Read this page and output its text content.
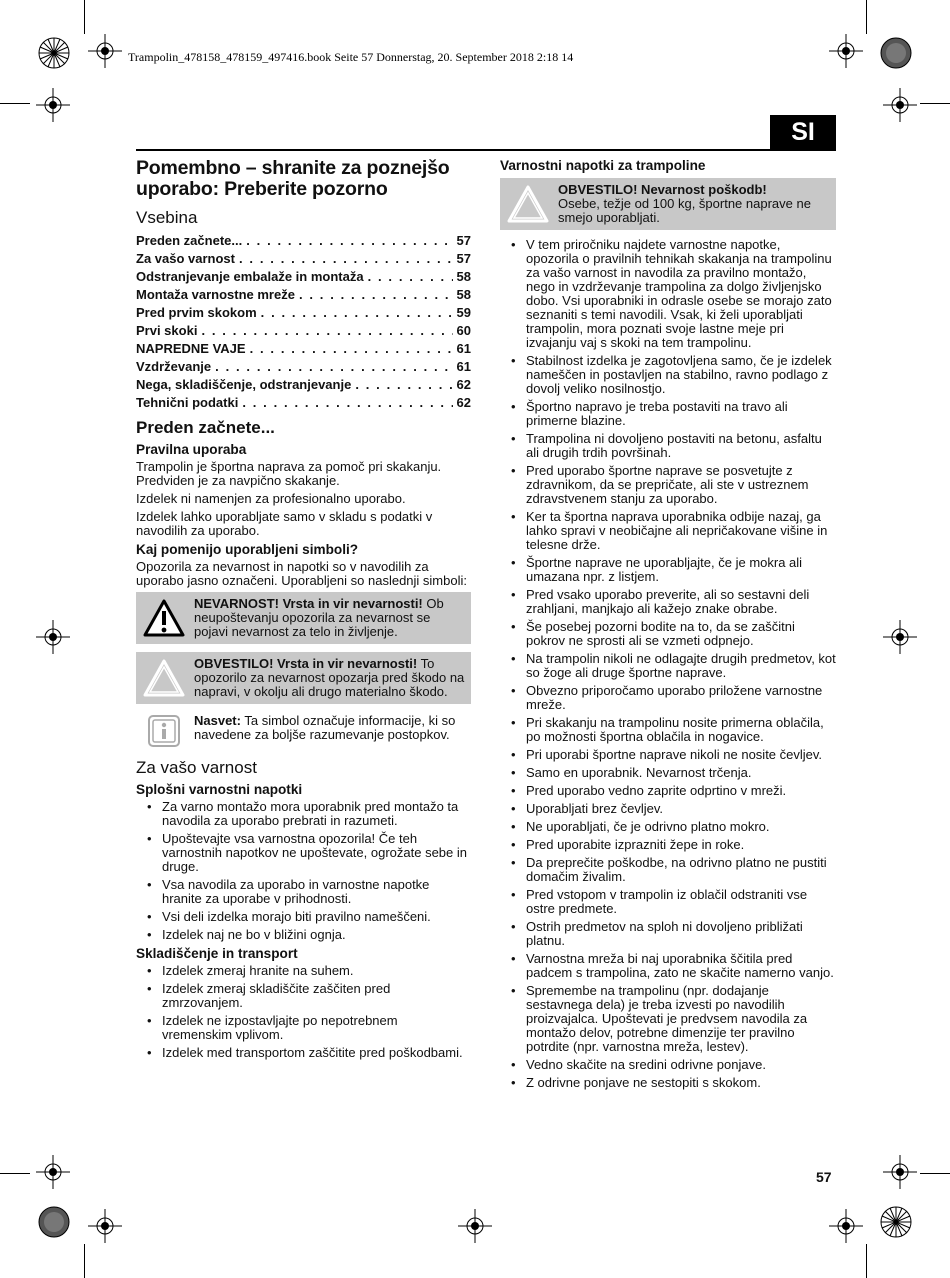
Trampolin_478158_478159_497416.book Seite 57 Donnerstag, 20. September 2018 2:18 14
SI
Pomembno – shranite za poznejšo uporabo: Preberite pozorno
Vsebina
Preden začnete... . . .	57
Za vašo varnost . . .	57
Odstranjevanje embalaže in montaža . . .	58
Montaža varnostne mreže . . .	58
Pred prvim skokom . . .	59
Prvi skoki . . .	60
NAPREDNE VAJE . . .	61
Vzdrževanje . . .	61
Nega, skladiščenje, odstranjevanje . . .	62
Tehnični podatki . . .	62
Preden začnete...
Pravilna uporaba

Trampolin je športna naprava za pomoč pri skakanju. Predviden je za navpično skakanje.

Izdelek ni namenjen za profesionalno uporabo.

Izdelek lahko uporabljate samo v skladu s podatki v navodilih za uporabo.

Kaj pomenijo uporabljeni simboli?

Opozorila za nevarnost in napotki so v navodilih za uporabo jasno označeni. Uporabljeni so naslednji simboli:

NEVARNOST! Vrsta in vir nevarnosti! Ob neupoštevanju opozorila za nevarnost se pojavi nevarnost za telo in življenje.
OBVESTILO! Vrsta in vir nevarnosti! To opozorilo za nevarnost opozarja pred škodo na napravi, v okolju ali drugo materialno škodo.
Nasvet: Ta simbol označuje informacije, ki so navedene za boljše razumevanje postopkov.
Za vašo varnost
Splošni varnostni napotki
• Za varno montažo mora uporabnik pred montažo ta navodila za uporabo prebrati in razumeti.
• Upoštevajte vsa varnostna opozorila! Če teh varnostnih napotkov ne upoštevate, ogrožate sebe in druge.
• Vsa navodila za uporabo in varnostne napotke hranite za uporabe v prihodnosti.
• Vsi deli izdelka morajo biti pravilno nameščeni.
• Izdelek naj ne bo v bližini ognja.
Skladiščenje in transport
• Izdelek zmeraj hranite na suhem.
• Izdelek zmeraj skladiščite zaščiten pred zmrzovanjem.
• Izdelek ne izpostavljajte po nepotrebnem vremenskim vplivom.
• Izdelek med transportom zaščitite pred poškodbami.
Varnostni napotki za trampoline
OBVESTILO! Nevarnost poškodb!
Osebe, težje od 100 kg, športne naprave ne smejo uporabljati.
• V tem priročniku najdete varnostne napotke, opozorila o pravilnih tehnikah skakanja na trampolinu za vašo varnost in navodila za pravilno montažo, nego in vzdrževanje trampolina za dolgo življenjsko dobo. Vsi uporabniki in odrasle osebe se morajo zato seznaniti s temi navodili. Vsak, ki želi uporabljati trampolin, mora poznati svoje lastne meje pri izvajanju vaj s skoki na tem trampolinu.
• Stabilnost izdelka je zagotovljena samo, če je izdelek nameščen in postavljen na stabilno, ravno podlago z dovolj veliko nosilnostjo.
• Športno napravo je treba postaviti na travo ali primerne blazine.
• Trampolina ni dovoljeno postaviti na betonu, asfaltu ali drugih trdih površinah.
• Pred uporabo športne naprave se posvetujte z zdravnikom, da se prepričate, ali ste v ustreznem zdravstvenem stanju za uporabo.
• Ker ta športna naprava uporabnika odbije nazaj, ga lahko spravi v neobičajne ali nepričakovane višine in telesne drže.
• Športne naprave ne uporabljajte, če je mokra ali umazana npr. z listjem.
• Pred vsako uporabo preverite, ali so sestavni deli zrahljani, manjkajo ali kažejo znake obrabe.
• Še posebej pozorni bodite na to, da se zaščitni pokrov ne sprosti ali se vzmeti odpnejo.
• Na trampolin nikoli ne odlagajte drugih predmetov, kot so žoge ali druge športne naprave.
• Obvezno priporočamo uporabo priložene varnostne mreže.
• Pri skakanju na trampolinu nosite primerna oblačila, po možnosti športna oblačila in nogavice.
• Pri uporabi športne naprave nikoli ne nosite čevljev.
• Samo en uporabnik. Nevarnost trčenja.
• Pred uporabo vedno zaprite odprtino v mreži.
• Uporabljati brez čevljev.
• Ne uporabljati, če je odrivno platno mokro.
• Pred uporabite izprazniti žepe in roke.
• Da preprečite poškodbe, na odrivno platno ne pustiti domačim živalim.
• Pred vstopom v trampolin iz oblačil odstraniti vse ostre predmete.
• Ostrih predmetov na sploh ni dovoljeno približati platnu.
• Varnostna mreža bi naj uporabnika ščitila pred padcem s trampolina, zato ne skačite namerno vanjo.
• Spremembe na trampolinu (npr. dodajanje sestavnega dela) je treba izvesti po navodilih proizvajalca. Upoštevati je predvsem navodila za montažo delov, potrebne dimenzije ter pravilno potrdite (npr. varnostna mreža, lestev).
• Vedno skačite na sredini odrivne ponjave.
• Z odrivne ponjave ne sestopiti s skokom.
57
